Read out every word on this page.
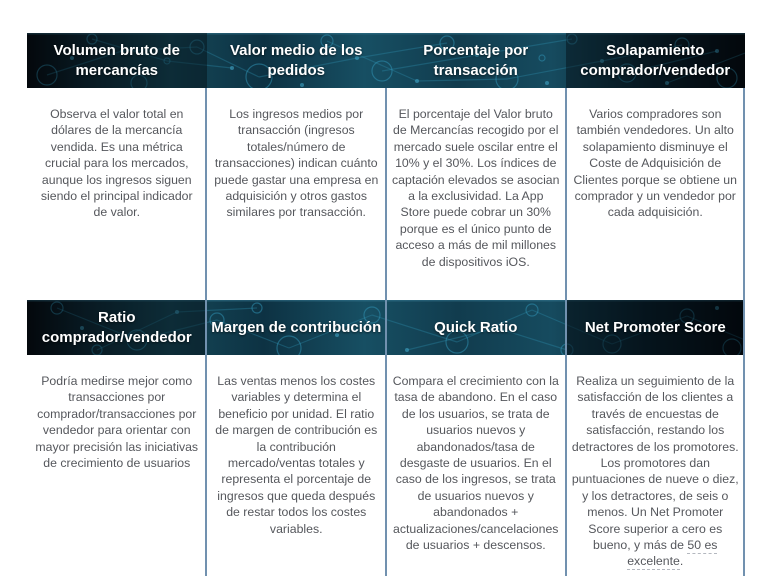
Volumen bruto de mercancías
Valor medio de los pedidos
Porcentaje por transacción
Solapamiento comprador/vendedor
Observa el valor total en dólares de la mercancía vendida. Es una métrica crucial para los mercados, aunque los ingresos siguen siendo el principal indicador de valor.
Los ingresos medios por transacción (ingresos totales/número de transacciones) indican cuánto puede gastar una empresa en adquisición y otros gastos similares por transacción.
El porcentaje del Valor bruto de Mercancías recogido por el mercado suele oscilar entre el 10% y el 30%. Los índices de captación elevados se asocian a la exclusividad. La App Store puede cobrar un 30% porque es el único punto de acceso a más de mil millones de dispositivos iOS.
Varios compradores son también vendedores. Un alto solapamiento disminuye el Coste de Adquisición de Clientes porque se obtiene un comprador y un vendedor por cada adquisición.
Ratio comprador/vendedor
Margen de contribución	Quick Ratio	Net Promoter Score
Podría medirse mejor como transacciones por comprador/transacciones por vendedor para orientar con mayor precisión las iniciativas de crecimiento de usuarios
Las ventas menos los costes variables y determina el beneficio por unidad. El ratio de margen de contribución es la contribución mercado/ventas totales y representa el porcentaje de ingresos que queda después de restar todos los costes variables.
Compara el crecimiento con la tasa de abandono. En el caso de los usuarios, se trata de usuarios nuevos y abandonados/tasa de desgaste de usuarios. En el caso de los ingresos, se trata de usuarios nuevos y abandonados + actualizaciones/cancelaciones de usuarios + descensos.
Realiza un seguimiento de la satisfacción de los clientes a través de encuestas de satisfacción, restando los detractores de los promotores. Los promotores dan puntuaciones de nueve o diez, y los detractores, de seis o menos. Un Net Promoter Score superior a cero es bueno, y más de 50 es excelente.
